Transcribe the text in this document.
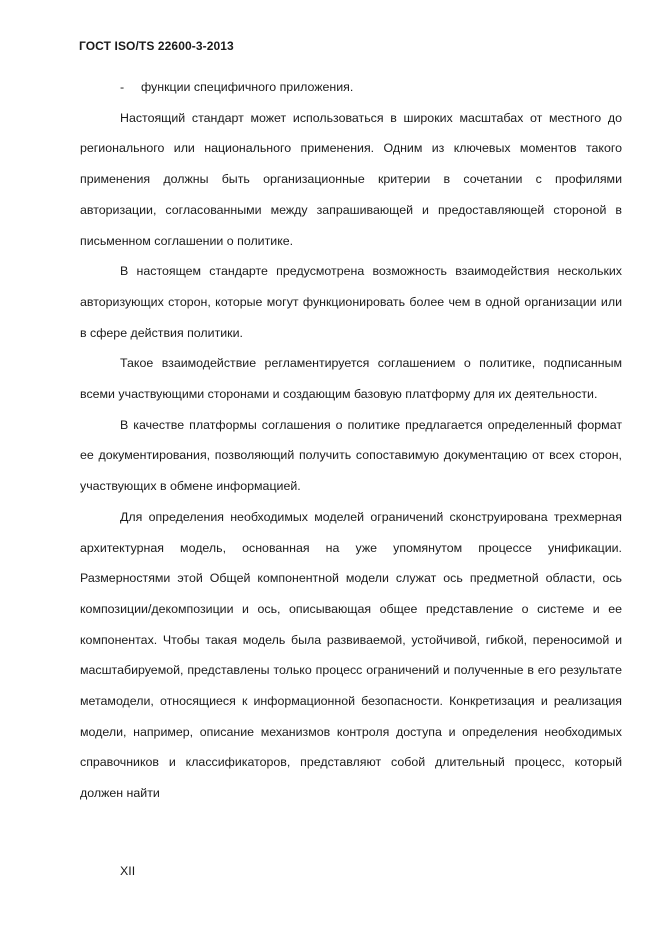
ГОСТ ISO/TS 22600-3-2013

-	функции специфичного приложения.

Настоящий стандарт может использоваться в широких масштабах от местного до регионального или национального применения. Одним из ключевых моментов такого применения должны быть организационные критерии в сочетании с профилями авторизации, согласованными между запрашивающей и предоставляющей стороной в письменном соглашении о политике.

В настоящем стандарте предусмотрена возможность взаимодействия нескольких авторизующих сторон, которые могут функционировать более чем в одной организации или в сфере действия политики.

Такое взаимодействие регламентируется соглашением о политике, подписанным всеми участвующими сторонами и создающим базовую платформу для их деятельности.

В качестве платформы соглашения о политике предлагается определенный формат ее документирования, позволяющий получить сопоставимую документацию от всех сторон, участвующих в обмене информацией.

Для определения необходимых моделей ограничений сконструирована трехмерная архитектурная модель, основанная на уже упомянутом процессе унификации. Размерностями этой Общей компонентной модели служат ось предметной области, ось композиции/декомпозиции и ось, описывающая общее представление о системе и ее компонентах. Чтобы такая модель была развиваемой, устойчивой, гибкой, переносимой и масштабируемой, представлены только процесс ограничений и полученные в его результате метамодели, относящиеся к информационной безопасности. Конкретизация и реализация модели, например, описание механизмов контроля доступа и определения необходимых справочников и классификаторов, представляют собой длительный процесс, который должен найти

XII
